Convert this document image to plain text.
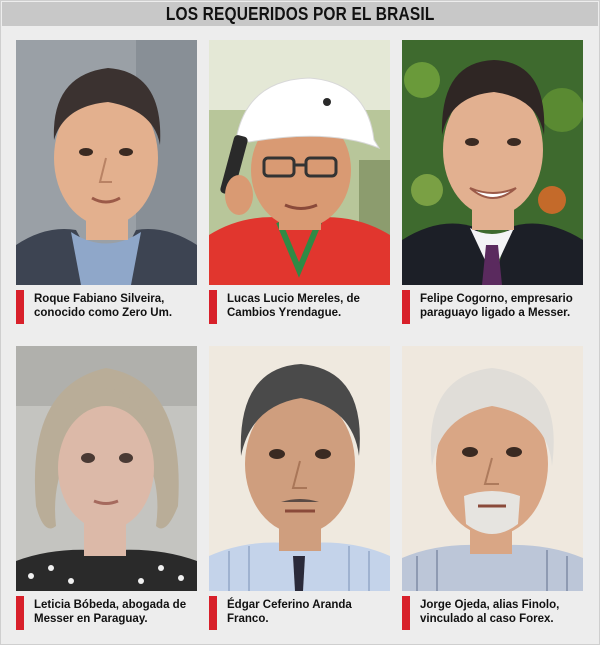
LOS REQUERIDOS POR EL BRASIL
Roque Fabiano Silveira,
conocido como Zero Um.
Lucas Lucio Mereles, de
Cambios Yrendague.
Felipe Cogorno, empresario
paraguayo ligado a Messer.
Leticia Bóbeda, abogada de
Messer en Paraguay.
Édgar Ceferino Aranda
Franco.
Jorge Ojeda, alias Finolo,
vinculado al caso Forex.
